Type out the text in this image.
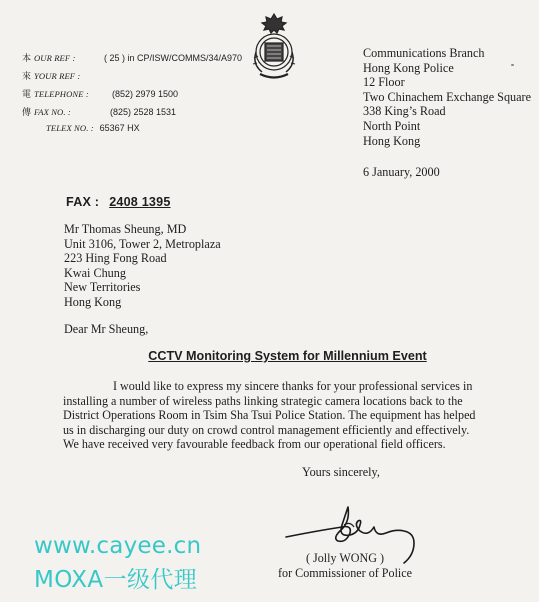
本 OUR REF :	( 25 ) in CP/ISW/COMMS/34/A970
來 YOUR REF :
電 TELEPHONE :	(852) 2979 1500
傳 FAX NO. :	(825) 2528 1531
TELEX NO. : 65367 HX
Communications Branch
Hong Kong Police
12 Floor
Two Chinachem Exchange Square
338 King’s Road
North Point
Hong Kong
6 January, 2000
FAX : 2408 1395
Mr Thomas Sheung, MD
Unit 3106, Tower 2, Metroplaza
223 Hing Fong Road
Kwai Chung
New Territories
Hong Kong
Dear Mr Sheung,
CCTV Monitoring System for Millennium Event
I would like to express my sincere thanks for your professional services in
installing a number of wireless paths linking strategic camera locations back to the
District Operations Room in Tsim Sha Tsui Police Station. The equipment has helped
us in discharging our duty on crowd control management efficiently and effectively.
We have received very favourable feedback from our operational field officers.
Yours sincerely,
( Jolly WONG )
for Commissioner of Police
www.cayee.cn
MOXA一级代理
